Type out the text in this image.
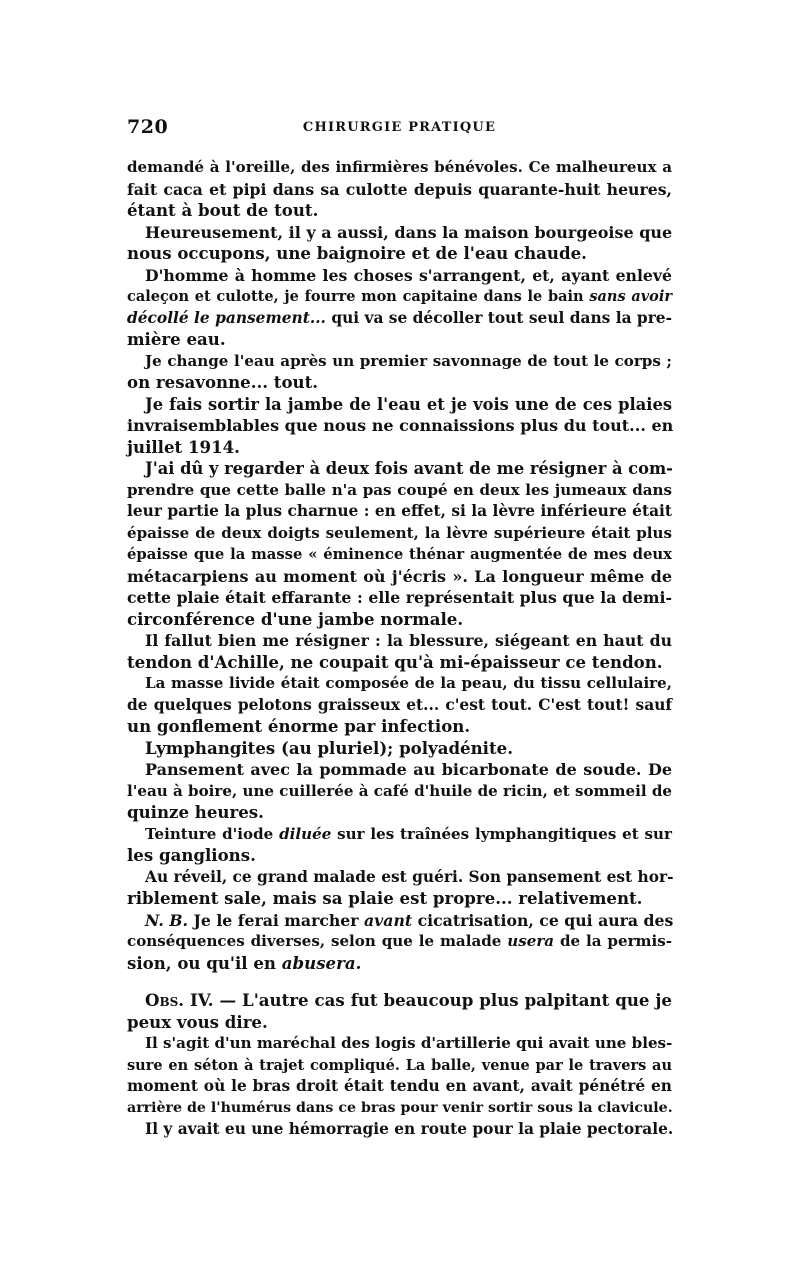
720	CHIRURGIE PRATIQUE
demandé à l'oreille, des infirmières bénévoles. Ce malheureux a
fait caca et pipi dans sa culotte depuis quarante-huit heures,
étant à bout de tout.
Heureusement, il y a aussi, dans la maison bourgeoise que
nous occupons, une baignoire et de l'eau chaude.
D'homme à homme les choses s'arrangent, et, ayant enlevé
caleçon et culotte, je fourre mon capitaine dans le bain sans avoir
décollé le pansement... qui va se décoller tout seul dans la pre-
mière eau.
Je change l'eau après un premier savonnage de tout le corps ;
on resavonne... tout.
Je fais sortir la jambe de l'eau et je vois une de ces plaies
invraisemblables que nous ne connaissions plus du tout... en
juillet 1914.
J'ai dû y regarder à deux fois avant de me résigner à com-
prendre que cette balle n'a pas coupé en deux les jumeaux dans
leur partie la plus charnue : en effet, si la lèvre inférieure était
épaisse de deux doigts seulement, la lèvre supérieure était plus
épaisse que la masse « éminence thénar augmentée de mes deux
métacarpiens au moment où j'écris ». La longueur même de
cette plaie était effarante : elle représentait plus que la demi-
circonférence d'une jambe normale.
Il fallut bien me résigner : la blessure, siégeant en haut du
tendon d'Achille, ne coupait qu'à mi-épaisseur ce tendon.
La masse livide était composée de la peau, du tissu cellulaire,
de quelques pelotons graisseux et... c'est tout. C'est tout! sauf
un gonflement énorme par infection.
Lymphangites (au pluriel); polyadénite.
Pansement avec la pommade au bicarbonate de soude. De
l'eau à boire, une cuillerée à café d'huile de ricin, et sommeil de
quinze heures.
Teinture d'iode diluée sur les traînées lymphangitiques et sur
les ganglions.
Au réveil, ce grand malade est guéri. Son pansement est hor-
riblement sale, mais sa plaie est propre... relativement.
N. B. Je le ferai marcher avant cicatrisation, ce qui aura des
conséquences diverses, selon que le malade usera de la permis-
sion, ou qu'il en abusera.
Obs. IV. — L'autre cas fut beaucoup plus palpitant que je
peux vous dire.
Il s'agit d'un maréchal des logis d'artillerie qui avait une bles-
sure en séton à trajet compliqué. La balle, venue par le travers au
moment où le bras droit était tendu en avant, avait pénétré en
arrière de l'humérus dans ce bras pour venir sortir sous la clavicule.
Il y avait eu une hémorragie en route pour la plaie pectorale.
